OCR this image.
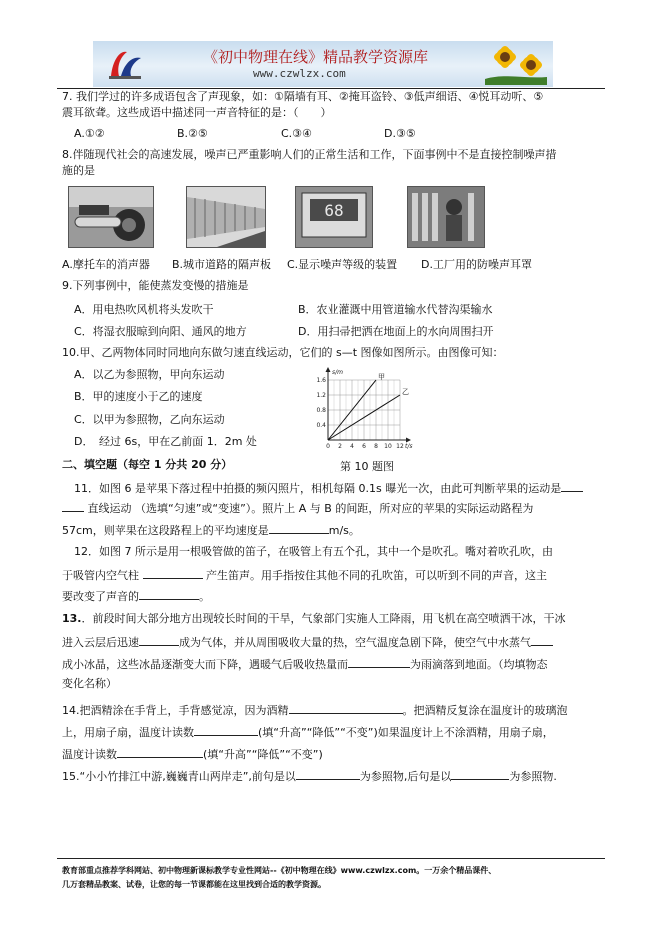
《初中物理在线》精品教学资源库
www.czwlzx.com
7. 我们学过的许多成语包含了声现象，如：①隔墙有耳、②掩耳盗铃、③低声细语、④悦耳动听、⑤
震耳欲聋。这些成语中描述同一声音特征的是：（　　）
A.①②	B.②⑤	C.③④	D.③⑤
8.伴随现代社会的高速发展，噪声已严重影响人们的正常生活和工作，下面事例中不是直接控制噪声措
施的是
68
A.摩托车的消声器 B.城市道路的隔声板 C.显示噪声等级的装置 D.工厂用的防噪声耳罩
9.下列事例中，能使蒸发变慢的措施是
A．用电热吹风机将头发吹干	B．农业灌溉中用管道输水代替沟渠输水
C．将湿衣服晾到向阳、通风的地方	D．用扫帚把洒在地面上的水向周围扫开
10.甲、乙两物体同时同地向东做匀速直线运动，它们的 s—t 图像如图所示。由图像可知：
A．以乙为参照物，甲向东运动
B．甲的速度小于乙的速度
C．以甲为参照物，乙向东运动
D．　经过 6s，甲在乙前面 1．2m 处
s/m
t/s
0 2 4 6 8 10 12
0.4
0.8
1.2
1.6	甲
乙
第 10 题图
二、填空题（每空 1 分共 20 分）
11．如图 6 是苹果下落过程中拍摄的频闪照片，相机每隔 0.1s 曝光一次，由此可判断苹果的运动是
直线运动 （选填“匀速”或“变速”）。照片上 A 与 B 的间距，所对应的苹果的实际运动路程为
57cm，则苹果在这段路程上的平均速度是	m/s。
12．如图 7 所示是用一根吸管做的笛子，在吸管上有五个孔，其中一个是吹孔。嘴对着吹孔吹，由
于吸管内空气柱	产生笛声。用手指按住其他不同的孔吹笛，可以听到不同的声音，这主
要改变了声音的	。
13.．前段时间大部分地方出现较长时间的干旱，气象部门实施人工降雨，用飞机在高空喷洒干冰，干冰
进入云层后迅速	成为气体，并从周围吸收大量的热，空气温度急剧下降，使空气中水蒸气
成小冰晶，这些冰晶逐渐变大而下降，遇暖气后吸收热量而	为雨滴落到地面。（均填物态
变化名称）
14.把酒精涂在手背上，手背感觉凉，因为酒精	。把酒精反复涂在温度计的玻璃泡
上，用扇子扇，温度计读数	(填“升高”“降低”“不变”)如果温度计上不涂酒精，用扇子扇，
温度计读数	(填“升高”“降低”“不变”)
15.“小小竹排江中游,巍巍青山两岸走”,前句是以	为参照物,后句是以	为参照物.
教育部重点推荐学科网站、初中物理新课标教学专业性网站--《初中物理在线》www.czwlzx.com。一万余个精品课件、
几万套精品教案、试卷，让您的每一节课都能在这里找到合适的教学资源。
